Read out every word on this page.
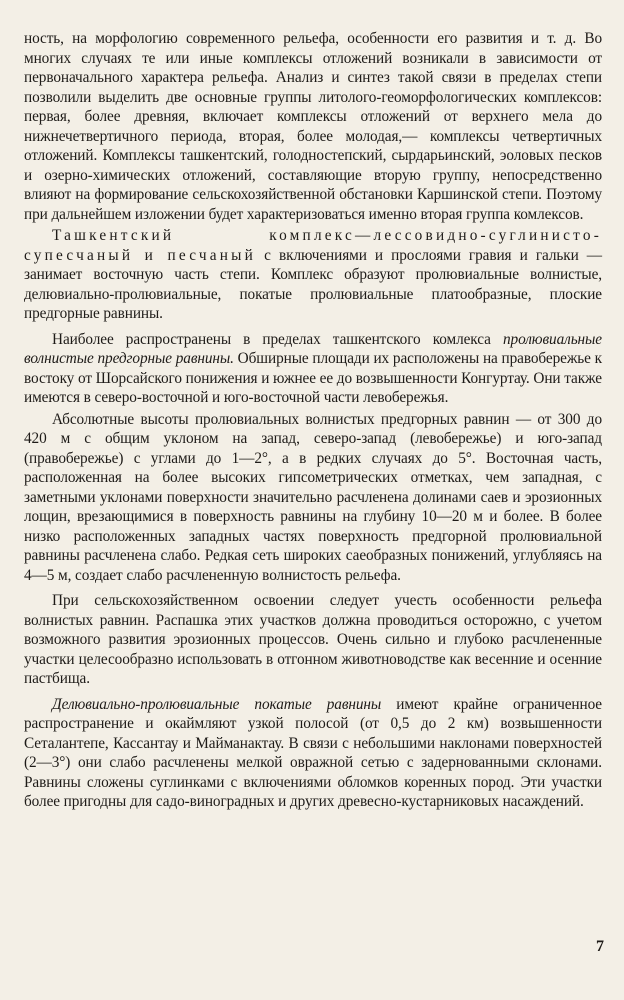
ность, на морфологию современного рельефа, особенности его развития и т. д. Во многих случаях те или иные комплексы отложений возникали в зависимости от первоначального характера рельефа. Анализ и синтез такой связи в пределах степи позволили выделить две основные группы литолого-геоморфологических комплексов: первая, более древняя, включает комплексы отложений от верхнего мела до нижнечетвертичного периода, вторая, более молодая,— комплексы четвертичных отложений. Комплексы ташкентский, голодностепский, сырдарьинский, эоловых песков и озерно-химических отложений, составляющие вторую группу, непосредственно влияют на формирование сельскохозяйственной обстановки Каршинской степи. Поэтому при дальнейшем изложении будет характеризоваться именно вторая группа комлексов.

Ташкентский комплекс—лессовидно-суглинисто-супесчаный и песчаный с включениями и прослоями гравия и гальки — занимает восточную часть степи. Комплекс образуют пролювиальные волнистые, делювиально-пролювиальные, покатые пролювиальные платообразные, плоские предгорные равнины.

Наиболее распространены в пределах ташкентского комлекса пролювиальные волнистые предгорные равнины. Обширные площади их расположены на правобережье к востоку от Шорсайского понижения и южнее ее до возвышенности Конгуртау. Они также имеются в северо-восточной и юго-восточной части левобережья.

Абсолютные высоты пролювиальных волнистых предгорных равнин — от 300 до 420 м с общим уклоном на запад, северо-запад (левобережье) и юго-запад (правобережье) с углами до 1—2°, а в редких случаях до 5°. Восточная часть, расположенная на более высоких гипсометрических отметках, чем западная, с заметными уклонами поверхности значительно расчленена долинами саев и эрозионных лощин, врезающимися в поверхность равнины на глубину 10—20 м и более. В более низко расположенных западных частях поверхность предгорной пролювиальной равнины расчленена слабо. Редкая сеть широких саеобразных понижений, углубляясь на 4—5 м, создает слабо расчлененную волнистость рельефа.

При сельскохозяйственном освоении следует учесть особенности рельефа волнистых равнин. Распашка этих участков должна проводиться осторожно, с учетом возможного развития эрозионных процессов. Очень сильно и глубоко расчлененные участки целесообразно использовать в отгонном животноводстве как весенние и осенние пастбища.

Делювиально-пролювиальные покатые равнины имеют крайне ограниченное распространение и окаймляют узкой полосой (от 0,5 до 2 км) возвышенности Сеталантепе, Кассантау и Майманактау. В связи с небольшими наклонами поверхностей (2—3°) они слабо расчленены мелкой овражной сетью с задернованными склонами. Равнины сложены суглинками с включениями обломков коренных пород. Эти участки более пригодны для садо-виноградных и других древесно-кустарниковых насаждений.

7
